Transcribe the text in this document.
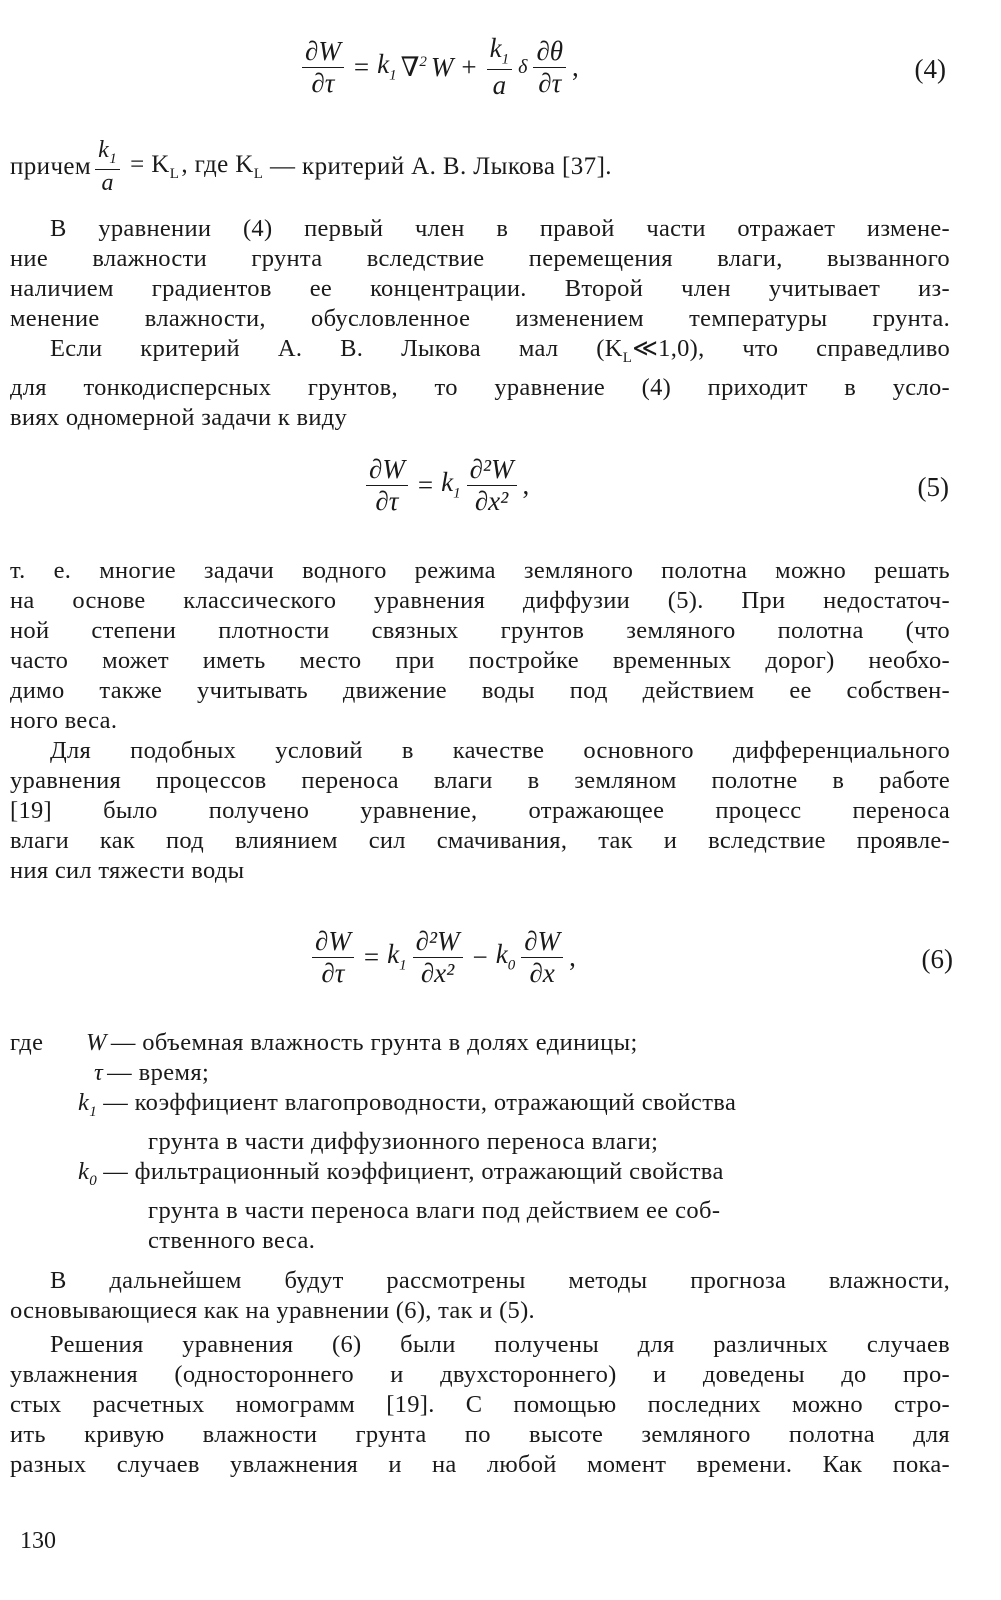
$\frac{\partial W}{\partial\tau} = k_1$ ∇$^2$ $W + \frac{k_1}{a}$ δ $\frac{\partial\theta}{\partial\tau}$ ,	(4)
причем $\frac{k_1}{a} = K_L$ , где $K_L$ — критерий А. В. Лыкова [37].
В уравнении (4) первый член в правой части отражает измене-
ние влажности грунта вследствие перемещения влаги, вызванного
наличием градиентов ее концентрации. Второй член учитывает из-
менение влажности, обусловленное изменением температуры грунта.
Если критерий А. В. Лыкова мал $(K_L≪1,0)$, что справедливо
для тонкодисперсных грунтов, то уравнение (4) приходит в усло-
виях одномерной задачи к виду
$\frac{\partial W}{\partial\tau} = k_1 \frac{\text{∂²W}}{\text{∂x²}}$ ,	(5)
т. е. многие задачи водного режима земляного полотна можно решать
на основе классического уравнения диффузии (5). При недостаточ-
ной степени плотности связных грунтов земляного полотна (что
часто может иметь место при постройке временных дорог) необхо-
димо также учитывать движение воды под действием ее собствен-
ного веса.
Для подобных условий в качестве основного дифференциального
уравнения процессов переноса влаги в земляном полотне в работе
[19] было получено уравнение, отражающее процесс переноса
влаги как под влиянием сил смачивания, так и вследствие проявле-
ния сил тяжести воды
$\frac{\partial W}{\partial\tau} = k_1 \frac{\text{∂²W}}{\text{∂x²}} - k_0 \frac{\partial W}{\partial x}$ ,	(6)
где	W — объемная влажность грунта в долях единицы;
τ — время;
$k_1$ — коэффициент влагопроводности, отражающий свойства
грунта в части диффузионного переноса влаги;
$k_0$ — фильтрационный коэффициент, отражающий свойства
грунта в части переноса влаги под действием ее соб-
ственного веса.
В дальнейшем будут рассмотрены методы прогноза влажности,
основывающиеся как на уравнении (6), так и (5).
Решения уравнения (6) были получены для различных случаев
увлажнения (одностороннего и двухстороннего) и доведены до про-
стых расчетных номограмм [19]. С помощью последних можно стро-
ить кривую влажности грунта по высоте земляного полотна для
разных случаев увлажнения и на любой момент времени. Как пока-
130
